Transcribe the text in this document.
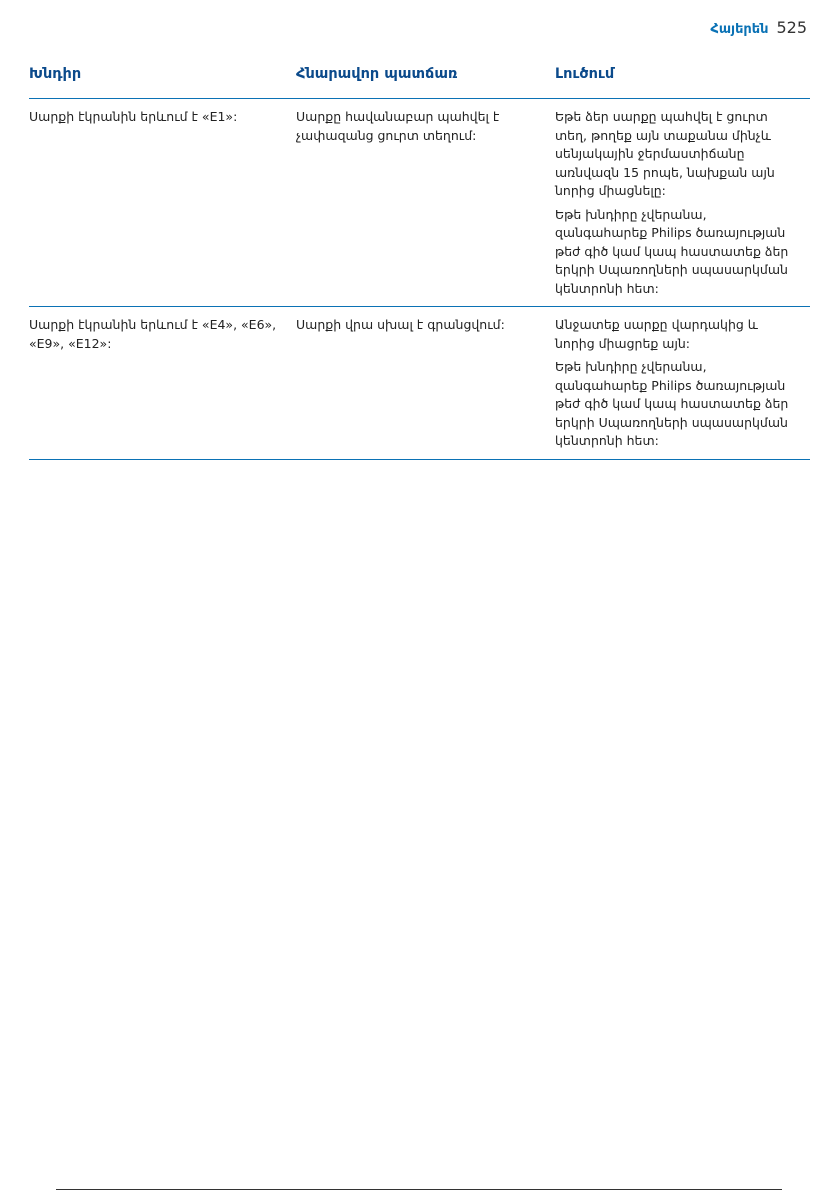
Հայերեն 525
Խնդիր	Հնարավոր պատճառ	Լուծում
Սարքի էկրանին երևում է «E1»:	Սարքը հավանաբար պահվել է չափազանց ցուրտ տեղում:	Եթե ձեր սարքը պահվել է ցուրտ տեղ, թողեք այն տաքանա մինչև սենյակային ջերմաստիճանը առնվազն 15 րոպե, նախքան այն նորից միացնելը:

Եթե խնդիրը չվերանա, զանգահարեք Philips ծառայության թեժ գիծ կամ կապ հաստատեք ձեր երկրի Սպառողների սպասարկման կենտրոնի հետ:

Սարքի էկրանին երևում է «E4», «E6», «E9», «E12»:	Սարքի վրա սխալ է գրանցվում:	Անջատեք սարքը վարդակից և նորից միացրեք այն:

Եթե խնդիրը չվերանա, զանգահարեք Philips ծառայության թեժ գիծ կամ կապ հաստատեք ձեր երկրի Սպառողների սպասարկման կենտրոնի հետ:
